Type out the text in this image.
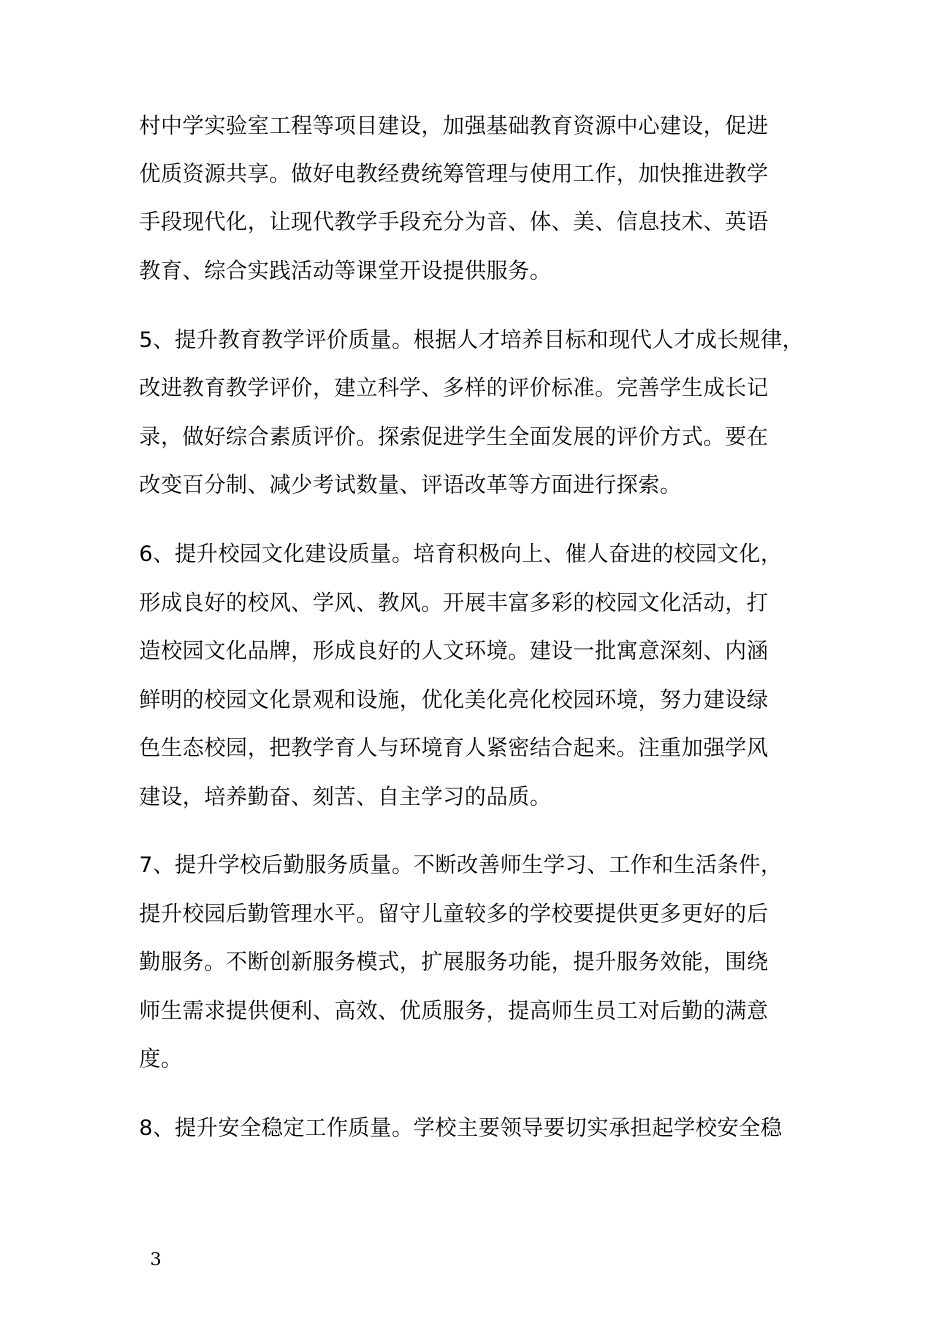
村中学实验室工程等项目建设，加强基础教育资源中心建设，促进
优质资源共享。做好电教经费统筹管理与使用工作，加快推进教学
手段现代化，让现代教学手段充分为音、体、美、信息技术、英语
教育、综合实践活动等课堂开设提供服务。
5、提升教育教学评价质量。根据人才培养目标和现代人才成长规律，
改进教育教学评价，建立科学、多样的评价标准。完善学生成长记
录，做好综合素质评价。探索促进学生全面发展的评价方式。要在
改变百分制、减少考试数量、评语改革等方面进行探索。
6、提升校园文化建设质量。培育积极向上、催人奋进的校园文化，
形成良好的校风、学风、教风。开展丰富多彩的校园文化活动，打
造校园文化品牌，形成良好的人文环境。建设一批寓意深刻、内涵
鲜明的校园文化景观和设施，优化美化亮化校园环境，努力建设绿
色生态校园，把教学育人与环境育人紧密结合起来。注重加强学风
建设，培养勤奋、刻苦、自主学习的品质。
7、提升学校后勤服务质量。不断改善师生学习、工作和生活条件，
提升校园后勤管理水平。留守儿童较多的学校要提供更多更好的后
勤服务。不断创新服务模式，扩展服务功能，提升服务效能，围绕
师生需求提供便利、高效、优质服务，提高师生员工对后勤的满意
度。
8、提升安全稳定工作质量。学校主要领导要切实承担起学校安全稳
3
